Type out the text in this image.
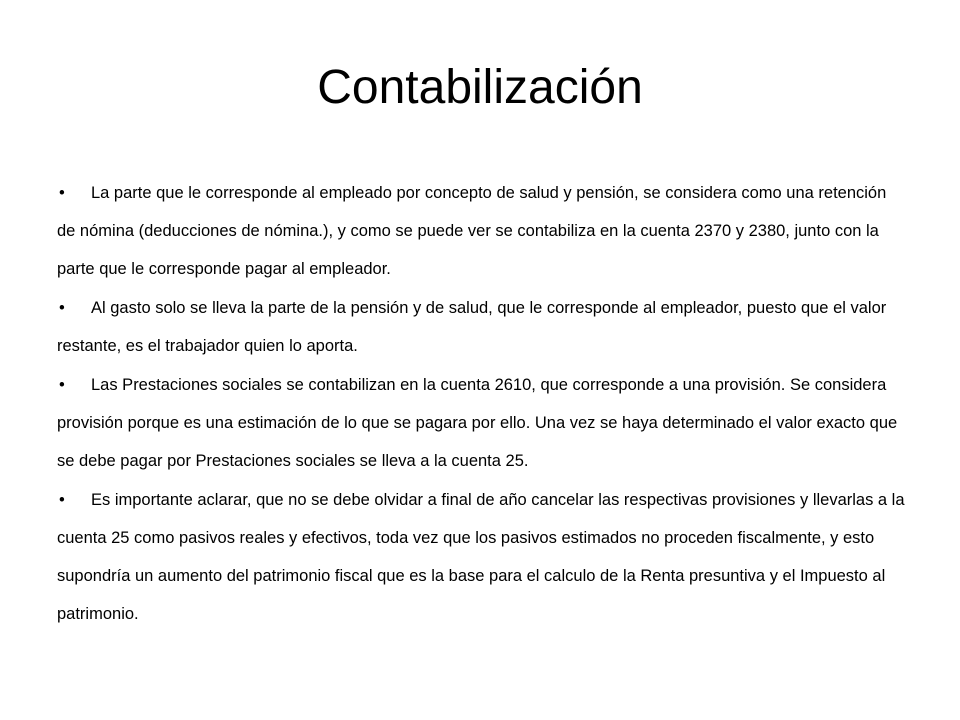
Contabilización
• La parte que le corresponde al empleado por concepto de salud y pensión, se considera como una retención de nómina (deducciones de nómina.), y como se puede ver se contabiliza en la cuenta 2370 y 2380, junto con la parte que le corresponde pagar al empleador.
• Al gasto solo se lleva la parte de la pensión y de salud, que le corresponde al empleador, puesto que el valor restante, es el trabajador quien lo aporta.
• Las Prestaciones sociales se contabilizan en la cuenta 2610, que corresponde a una provisión. Se considera provisión porque es una estimación de lo que se pagara por ello. Una vez se haya determinado el valor exacto que se debe pagar por Prestaciones sociales se lleva a la cuenta 25.
• Es importante aclarar, que no se debe olvidar a final de año cancelar las respectivas provisiones y llevarlas a la cuenta 25 como pasivos reales y efectivos, toda vez que los pasivos estimados no proceden fiscalmente, y esto supondría un aumento del patrimonio fiscal que es la base para el calculo de la Renta presuntiva y el Impuesto al patrimonio.
